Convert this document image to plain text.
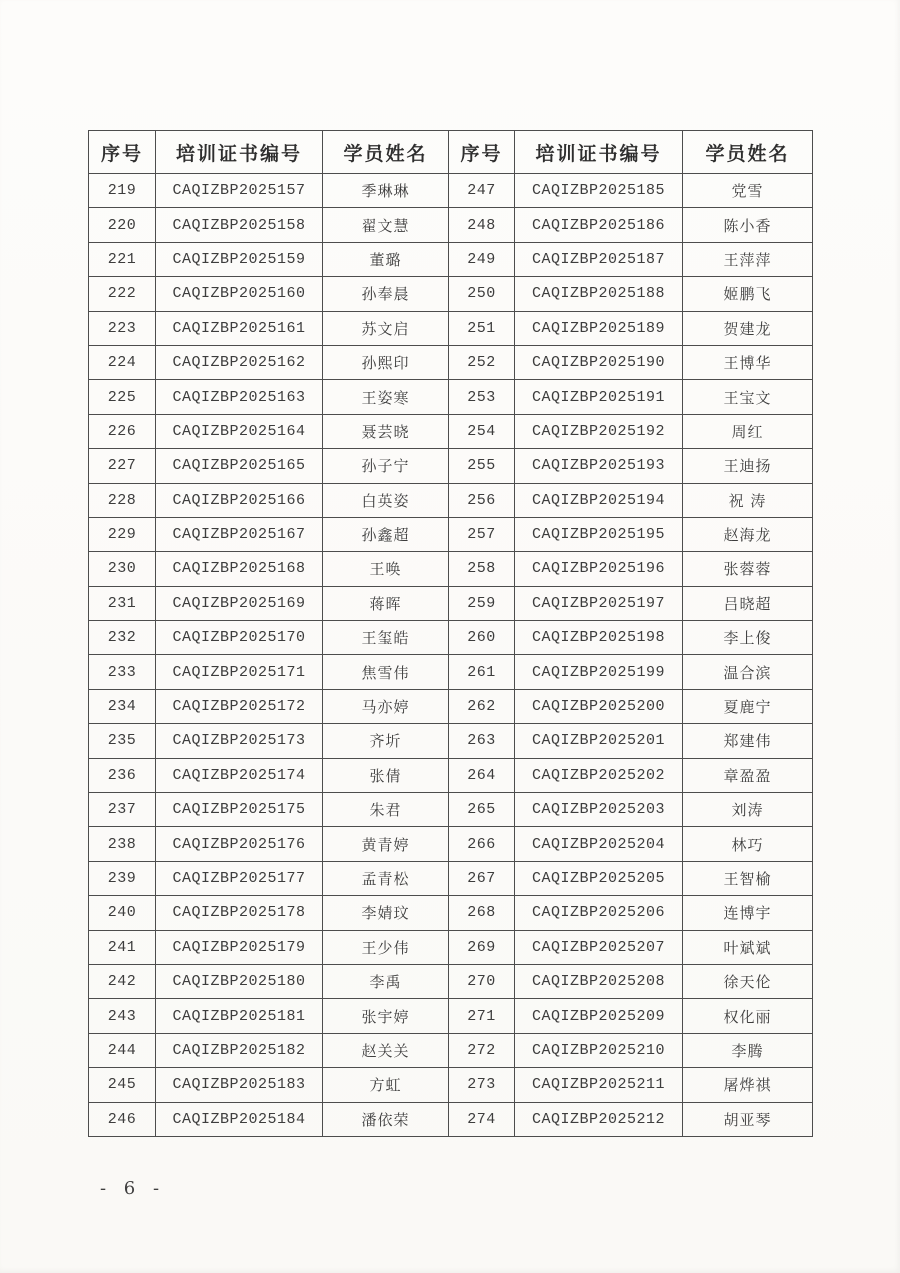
序号	培训证书编号	学员姓名	序号	培训证书编号	学员姓名
219	CAQIZBP2025157	季琳琳	247	CAQIZBP2025185	党雪
220	CAQIZBP2025158	翟文慧	248	CAQIZBP2025186	陈小香
221	CAQIZBP2025159	董璐	249	CAQIZBP2025187	王萍萍
222	CAQIZBP2025160	孙奉晨	250	CAQIZBP2025188	姬鹏飞
223	CAQIZBP2025161	苏文启	251	CAQIZBP2025189	贺建龙
224	CAQIZBP2025162	孙熙印	252	CAQIZBP2025190	王博华
225	CAQIZBP2025163	王姿寒	253	CAQIZBP2025191	王宝文
226	CAQIZBP2025164	聂芸晓	254	CAQIZBP2025192	周红
227	CAQIZBP2025165	孙子宁	255	CAQIZBP2025193	王迪扬
228	CAQIZBP2025166	白英姿	256	CAQIZBP2025194	祝 涛
229	CAQIZBP2025167	孙鑫超	257	CAQIZBP2025195	赵海龙
230	CAQIZBP2025168	王唤	258	CAQIZBP2025196	张蓉蓉
231	CAQIZBP2025169	蒋晖	259	CAQIZBP2025197	吕晓超
232	CAQIZBP2025170	王玺皓	260	CAQIZBP2025198	李上俊
233	CAQIZBP2025171	焦雪伟	261	CAQIZBP2025199	温合滨
234	CAQIZBP2025172	马亦婷	262	CAQIZBP2025200	夏鹿宁
235	CAQIZBP2025173	齐圻	263	CAQIZBP2025201	郑建伟
236	CAQIZBP2025174	张倩	264	CAQIZBP2025202	章盈盈
237	CAQIZBP2025175	朱君	265	CAQIZBP2025203	刘涛
238	CAQIZBP2025176	黄青婷	266	CAQIZBP2025204	林巧
239	CAQIZBP2025177	孟青松	267	CAQIZBP2025205	王智榆
240	CAQIZBP2025178	李婧玟	268	CAQIZBP2025206	连博宇
241	CAQIZBP2025179	王少伟	269	CAQIZBP2025207	叶斌斌
242	CAQIZBP2025180	李禹	270	CAQIZBP2025208	徐天伦
243	CAQIZBP2025181	张宇婷	271	CAQIZBP2025209	权化丽
244	CAQIZBP2025182	赵关关	272	CAQIZBP2025210	李腾
245	CAQIZBP2025183	方虹	273	CAQIZBP2025211	屠烨祺
246	CAQIZBP2025184	潘依荣	274	CAQIZBP2025212	胡亚琴
- 6 -
